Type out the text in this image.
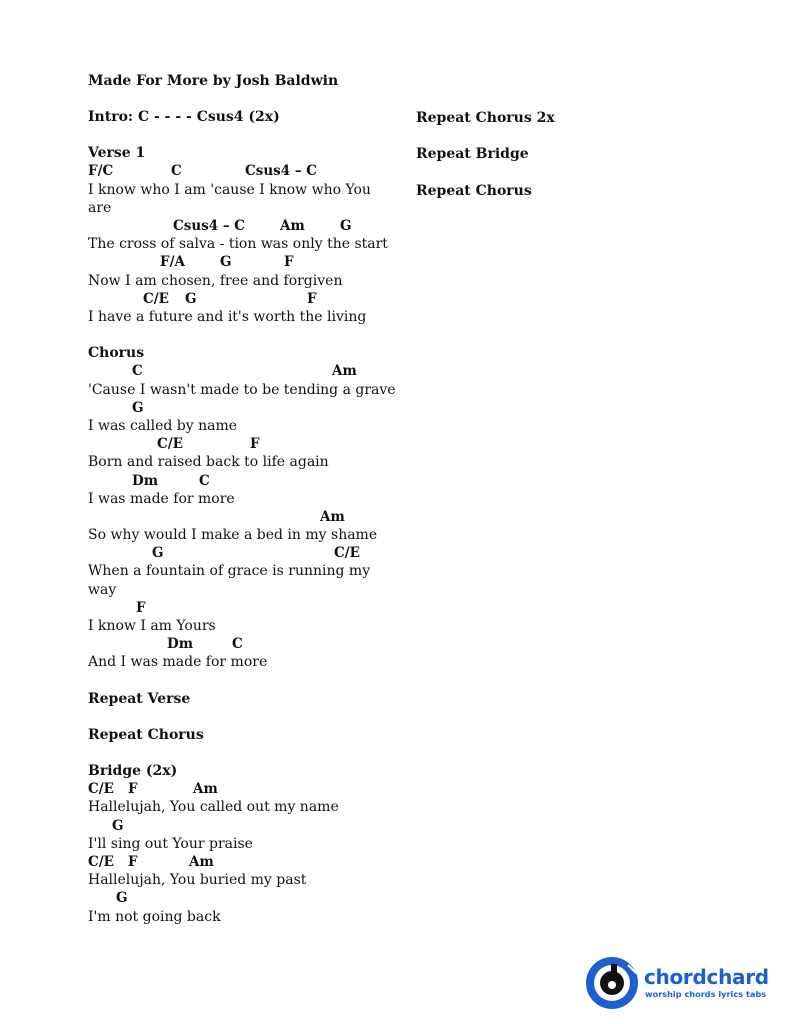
Made For More by Josh Baldwin
Intro: C - - - - Csus4 (2x)
Verse 1
F/C	C	Csus4 – C
I know who I am 'cause I know who You are
Csus4 – C	Am	G
The cross of salva - tion was only the start
F/A	G	F
Now I am chosen, free and forgiven
C/E G	F
I have a future and it's worth the living
Chorus
C	Am
'Cause I wasn't made to be tending a grave
G
I was called by name
C/E	F
Born and raised back to life again
Dm	C
I was made for more
Am
So why would I make a bed in my shame
G	C/E
When a fountain of grace is running my way
F
I know I am Yours
Dm	C
And I was made for more
Repeat Verse
Repeat Chorus
Bridge (2x)
C/E F	Am
Hallelujah, You called out my name
G
I'll sing out Your praise
C/E F	Am
Hallelujah, You buried my past
G
I'm not going back
Repeat Chorus 2x
Repeat Bridge
Repeat Chorus
chordchard
worship chords lyrics tabs
